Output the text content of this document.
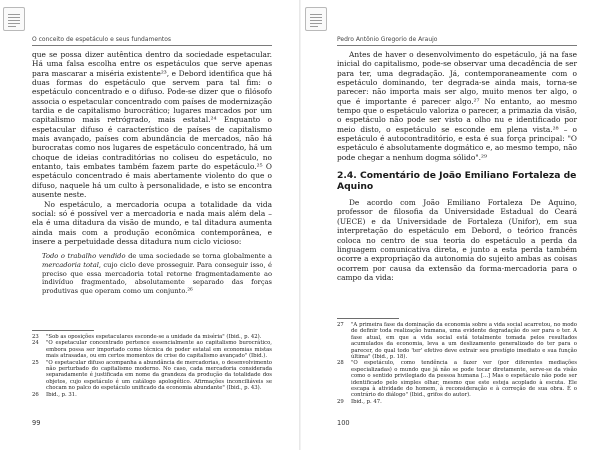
O conceito de espetáculo e seus fundamentos

que se possa dizer autêntica dentro da sociedade espetacular. Há uma falsa escolha entre os espetáculos que serve apenas para mascarar a miséria existente²³, e Debord identifica que há duas formas do espetáculo que servem para tal fim: o espetáculo concentrado e o difuso. Pode-se dizer que o filósofo associa o espetacular concentrado com países de modernização tardia e de capitalismo burocrático; lugares marcados por um capitalismo mais retrógrado, mais estatal.²⁴ Enquanto o espetacular difuso é característico de países de capitalismo mais avançado, países com abundância de mercados, não há burocratas como nos lugares de espetáculo concentrado, há um choque de ideias contraditórias no coliseu do espetáculo, no entanto, tais embates também fazem parte do espetáculo.²⁵ O espetáculo concentrado é mais abertamente violento do que o difuso, naquele há um culto à personalidade, e isto se encontra ausente neste.

No espetáculo, a mercadoria ocupa a totalidade da vida social: só é possível ver a mercadoria e nada mais além dela – ela é uma ditadura da visão de mundo, e tal ditadura aumenta ainda mais com a produção econômica contemporânea, e insere a perpetuidade dessa ditadura num ciclo vicioso:

Todo o trabalho vendido de uma sociedade se torna globalmente a mercadoria total, cujo ciclo deve prosseguir. Para conseguir isso, é preciso que essa mercadoria total retorne fragmentadamente ao indivíduo fragmentado, absolutamente separado das forças produtivas que operam como um conjunto.²⁶

23	"Sob as oposições espetaculares esconde-se a unidade da miséria" (Ibid., p. 42).
24	"O espetacular concentrado pertence essencialmente ao capitalismo burocrático, embora possa ser importado como técnica de poder estatal em economias mistas mais atrasadas, ou em certos momentos de crise do capitalismo avançado" (Ibid.).
25	"O espetacular difuso acompanha a abundância de mercadorias, o desenvolvimento não perturbado do capitalismo moderno. No caso, cada mercadoria considerada separadamente é justificada em nome da grandeza da produção da totalidade dos objetos, cujo espetáculo é um catálogo apologético. Afirmações inconciliáveis se chocam no palco do espetáculo unificado da economia abundante" (Ibid., p. 43).
26	Ibid., p. 31.
99
Pedro Antônio Gregorio de Araujo

Antes de haver o desenvolvimento do espetáculo, já na fase inicial do capitalismo, pode-se observar uma decadência de ser para ter, uma degradação. Já, contemporaneamente com o espetáculo dominando, ter degrada-se ainda mais, torna-se parecer: não importa mais ser algo, muito menos ter algo, o que é importante é parecer algo.²⁷ No entanto, ao mesmo tempo que o espetáculo valoriza o parecer, a primazia da visão, o espetáculo não pode ser visto a olho nu e identificado por meio disto, o espetáculo se esconde em plena vista.²⁸ – o espetáculo é autocontraditório, e esta é sua força principal: "O espetáculo é absolutamente dogmático e, ao mesmo tempo, não pode chegar a nenhum dogma sólido".²⁹

2.4. Comentário de João Emiliano Fortaleza de Aquino

De acordo com João Emiliano Fortaleza De Aquino, professor de filosofia da Universidade Estadual do Ceará (UECE) e da Universidade de Fortaleza (Unifor), em sua interpretação do espetáculo em Debord, o teórico francês coloca no centro de sua teoria do espetáculo a perda da linguagem comunicativa direta, e junto a esta perda também ocorre a expropriação da autonomia do sujeito ambas as coisas ocorrem por causa da extensão da forma-mercadoria para o campo da vida:

27	"A primeira fase da dominação da economia sobre a vida social acarretou, no modo de definir toda realização humana, uma evidente degradação do ser para o ter. A fase atual, em que a vida social está totalmente tomada pelos resultados acumulados da economia, leva a um deslizamento generalizado do ter para o parecer, do qual todo 'ter' efetivo deve extrair seu prestígio imediato e sua função última" (Ibid., p. 18).
28	"O espetáculo, como tendência a fazer ver (por diferentes mediações especializadas) o mundo que já não se pode tocar diretamente, serve-se da visão como o sentido privilegiado da pessoa humana [...] Mas o espetáculo não pode ser identificado pelo simples olhar, mesmo que este esteja acoplado à escuta. Ele escapa à atividade do homem, à reconsideração e à correção de sua obra. É o contrário do diálogo" (Ibid., grifos do autor).
29	Ibid., p. 47.
100
